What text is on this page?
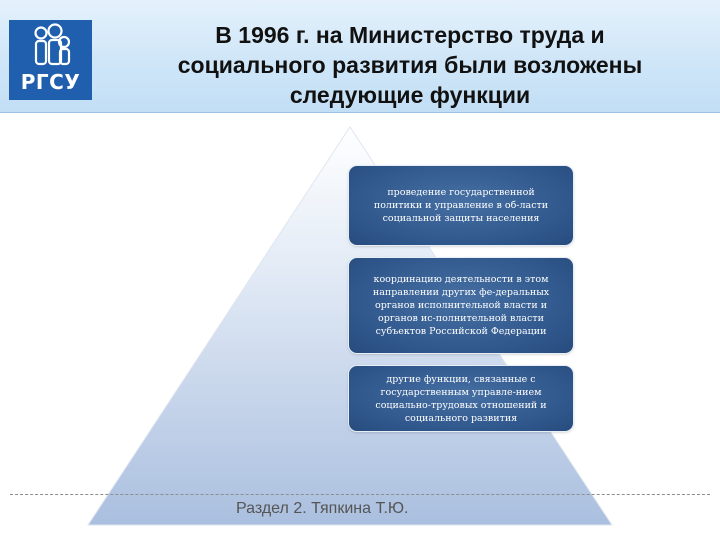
РГСУ
В 1996 г. на Министерство труда и
социального развития были возложены
следующие функции
проведение государственной
политики и управление в об-ласти
социальной защиты населения
координацию деятельности в этом
направлении других фе-деральных
органов исполнительной власти и
органов ис-полнительной власти
субъектов Российской Федерации
другие функции, связанные с
государственным управле-нием
социально-трудовых отношений и
социального развития
Раздел 2. Тяпкина Т.Ю.
